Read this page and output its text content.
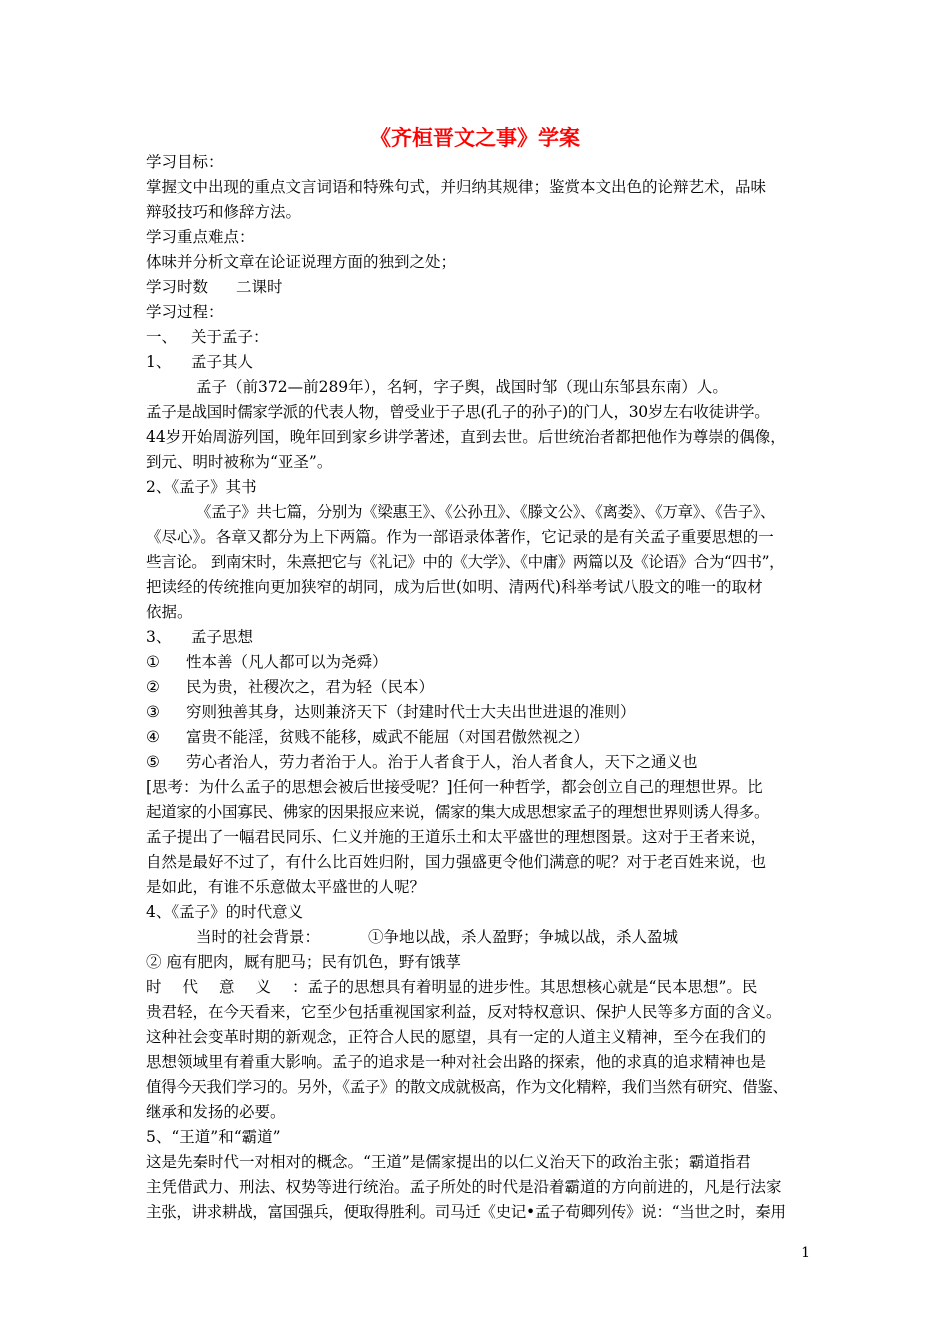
《齐桓晋文之事》学案

学习目标：

掌握文中出现的重点文言词语和特殊句式，并归纳其规律；鉴赏本文出色的论辩艺术，品味

辩驳技巧和修辞方法。

学习重点难点：

体味并分析文章在论证说理方面的独到之处；

学习时数 二课时

学习过程：

一、 关于孟子：

1、 孟子其人

孟子（前372—前289年），名轲，字子舆，战国时邹（现山东邹县东南）人。

孟子是战国时儒家学派的代表人物，曾受业于子思(孔子的孙子)的门人，30岁左右收徒讲学。

44岁开始周游列国，晚年回到家乡讲学著述，直到去世。后世统治者都把他作为尊崇的偶像，

到元、明时被称为“亚圣”。

2、《孟子》其书

《孟子》共七篇，分别为《梁惠王》、《公孙丑》、《滕文公》、《离娄》、《万章》、《告子》、

《尽心》。各章又都分为上下两篇。作为一部语录体著作，它记录的是有关孟子重要思想的一

些言论。 到南宋时，朱熹把它与《礼记》中的《大学》、《中庸》两篇以及《论语》合为“四书”，

把读经的传统推向更加狭窄的胡同，成为后世(如明、清两代)科举考试八股文的唯一的取材

依据。

3、 孟子思想

① 性本善（凡人都可以为尧舜）

② 民为贵，社稷次之，君为轻（民本）

③ 穷则独善其身，达则兼济天下（封建时代士大夫出世进退的准则）

④ 富贵不能淫，贫贱不能移，威武不能屈（对国君傲然视之）

⑤ 劳心者治人，劳力者治于人。治于人者食于人，治人者食人，天下之通义也

[思考：为什么孟子的思想会被后世接受呢？]任何一种哲学，都会创立自己的理想世界。比

起道家的小国寡民、佛家的因果报应来说，儒家的集大成思想家孟子的理想世界则诱人得多。

孟子提出了一幅君民同乐、仁义并施的王道乐土和太平盛世的理想图景。这对于王者来说，

自然是最好不过了，有什么比百姓归附，国力强盛更令他们满意的呢？对于老百姓来说，也

是如此，有谁不乐意做太平盛世的人呢？

4、《孟子》的时代意义

当时的社会背景：	①争地以战，杀人盈野；争城以战，杀人盈城

② 庖有肥肉，厩有肥马；民有饥色，野有饿莩

时代意义：孟子的思想具有着明显的进步性。其思想核心就是“民本思想”。民

贵君轻，在今天看来，它至少包括重视国家利益，反对特权意识、保护人民等多方面的含义。

这种社会变革时期的新观念，正符合人民的愿望，具有一定的人道主义精神，至今在我们的

思想领域里有着重大影响。孟子的追求是一种对社会出路的探索，他的求真的追求精神也是

值得今天我们学习的。另外，《孟子》的散文成就极高，作为文化精粹，我们当然有研究、借鉴、

继承和发扬的必要。

5、“王道”和“霸道”

这是先秦时代一对相对的概念。“王道”是儒家提出的以仁义治天下的政治主张；霸道指君

主凭借武力、刑法、权势等进行统治。孟子所处的时代是沿着霸道的方向前进的，凡是行法家

主张，讲求耕战，富国强兵，便取得胜利。司马迁《史记•孟子荀卿列传》说：“当世之时，秦用

1
